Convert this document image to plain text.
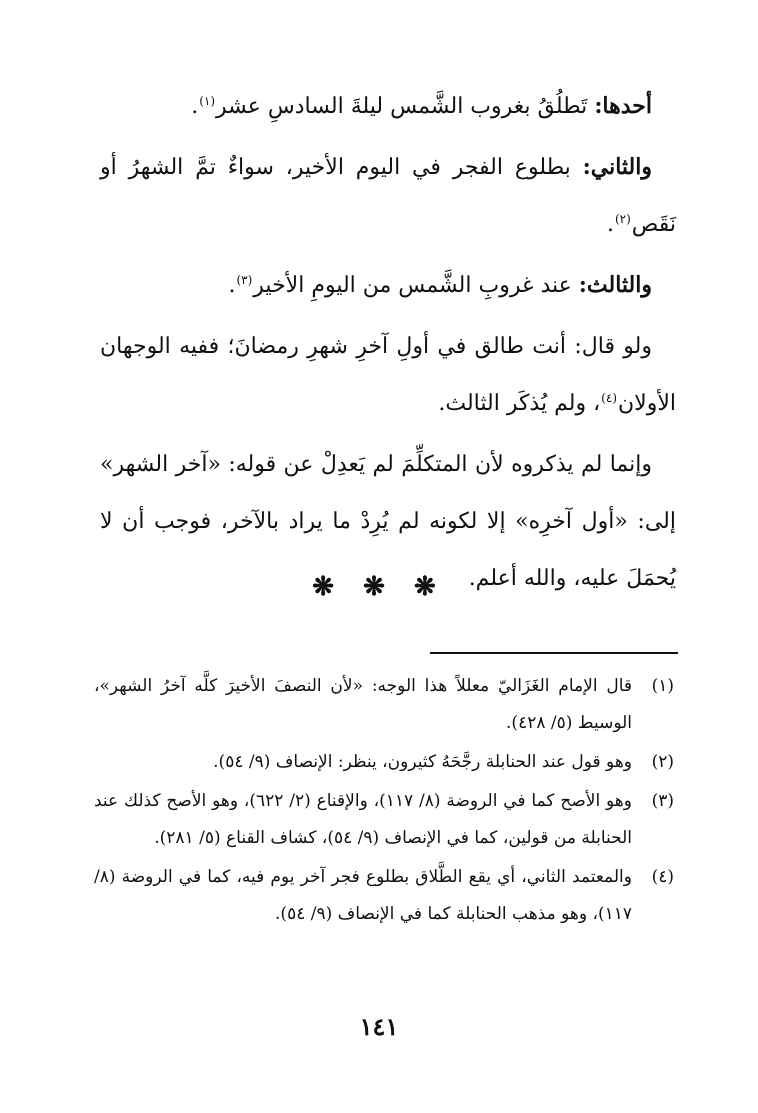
أحدها: تَطلُقُ بغروب الشَّمس ليلةَ السادسِ عشر$^{(١)}$.

والثاني: بطلوع الفجر في اليوم الأخير، سواءٌ تمَّ الشهرُ أو نَقَص$^{(٢)}$.

والثالث: عند غروبِ الشَّمس من اليومِ الأخير$^{(٣)}$.

ولو قال: أنت طالق في أولِ آخرِ شهرِ رمضانَ؛ ففيه الوجهان الأولان$^{(٤)}$، ولم يُذكَر الثالث.

وإنما لم يذكروه لأن المتكلِّمَ لم يَعدِلْ عن قوله: «آخر الشهر» إلى: «أول آخرِه» إلا لكونه لم يُرِدْ ما يراد بالآخر، فوجب أن لا يُحمَلَ عليه، والله أعلم.

❋ ❋ ❋
(١)
قال الإمام الغَزَاليّ معللاً هذا الوجه: «لأن النصفَ الأخيرَ كلَّه آخرُ الشهر»، الوسيط (٥/ ٤٢٨).
(٢)
وهو قول عند الحنابلة رجَّحَهُ كثيرون، ينظر: الإنصاف (٩/ ٥٤).
(٣)
وهو الأصح كما في الروضة (٨/ ١١٧)، والإقناع (٢/ ٦٢٢)، وهو الأصح كذلك عند الحنابلة من قولين، كما في الإنصاف (٩/ ٥٤)، كشاف القناع (٥/ ٢٨١).
(٤)
والمعتمد الثاني، أي يقع الطَّلاق بطلوع فجر آخر يوم فيه، كما في الروضة (٨/ ١١٧)، وهو مذهب الحنابلة كما في الإنصاف (٩/ ٥٤).
١٤١
